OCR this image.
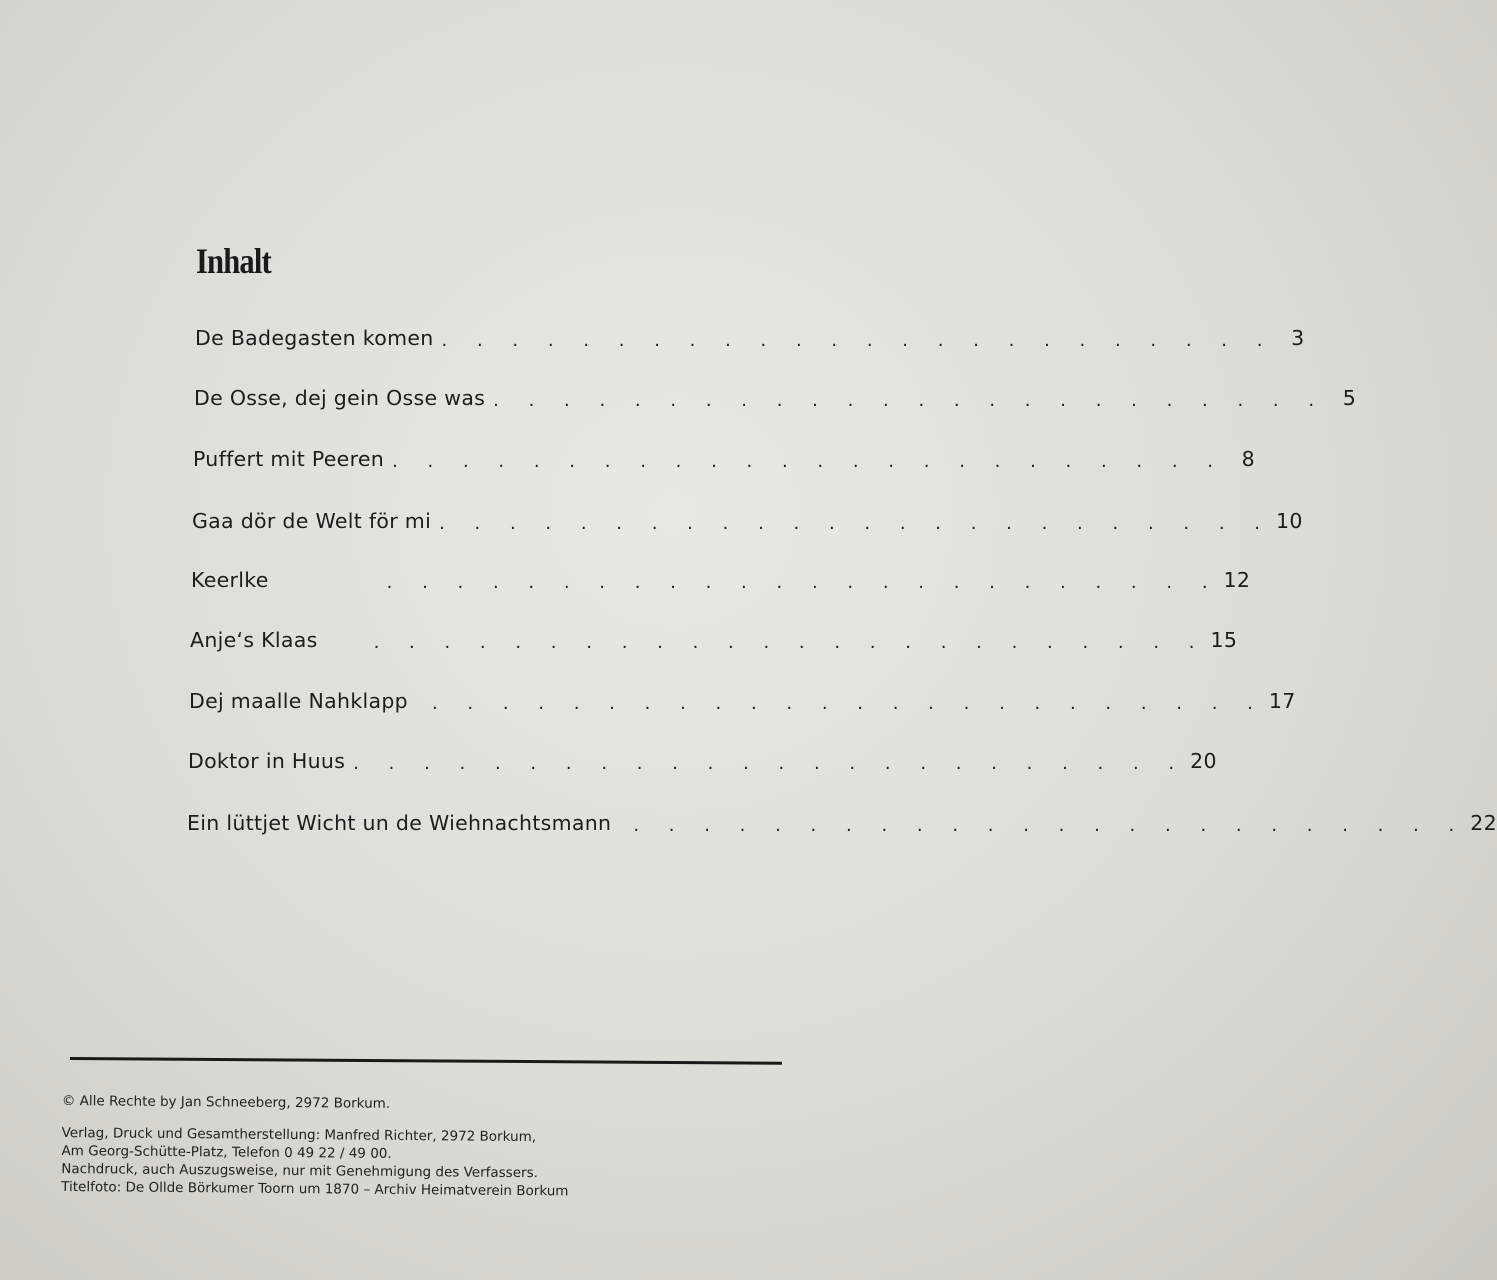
Inhalt
De Badegasten komen . . . . . . . . . . . . . . . . . . . . . . . . 3
De Osse, dej gein Osse was . . . . . . . . . . . . . . . . . . . . . . . . 5
Puffert mit Peeren . . . . . . . . . . . . . . . . . . . . . . . . 8
Gaa dör de Welt för mi . . . . . . . . . . . . . . . . . . . . . . . . 10
Keerlke	. . . . . . . . . . . . . . . . . . . . . . . . 12
Anje‘s Klaas	. . . . . . . . . . . . . . . . . . . . . . . . 15
Dej maalle Nahklapp	. . . . . . . . . . . . . . . . . . . . . . . . 17
Doktor in Huus . . . . . . . . . . . . . . . . . . . . . . . . 20
Ein lüttjet Wicht un de Wiehnachtsmann	. . . . . . . . . . . . . . . . . . . . . . . . 22

© Alle Rechte by Jan Schneeberg, 2972 Borkum.

Verlag, Druck und Gesamtherstellung: Manfred Richter, 2972 Borkum,

Am Georg-Schütte-Platz, Telefon 0 49 22 / 49 00.

Nachdruck, auch Auszugsweise, nur mit Genehmigung des Verfassers.

Titelfoto: De Ollde Börkumer Toorn um 1870 – Archiv Heimatverein Borkum
